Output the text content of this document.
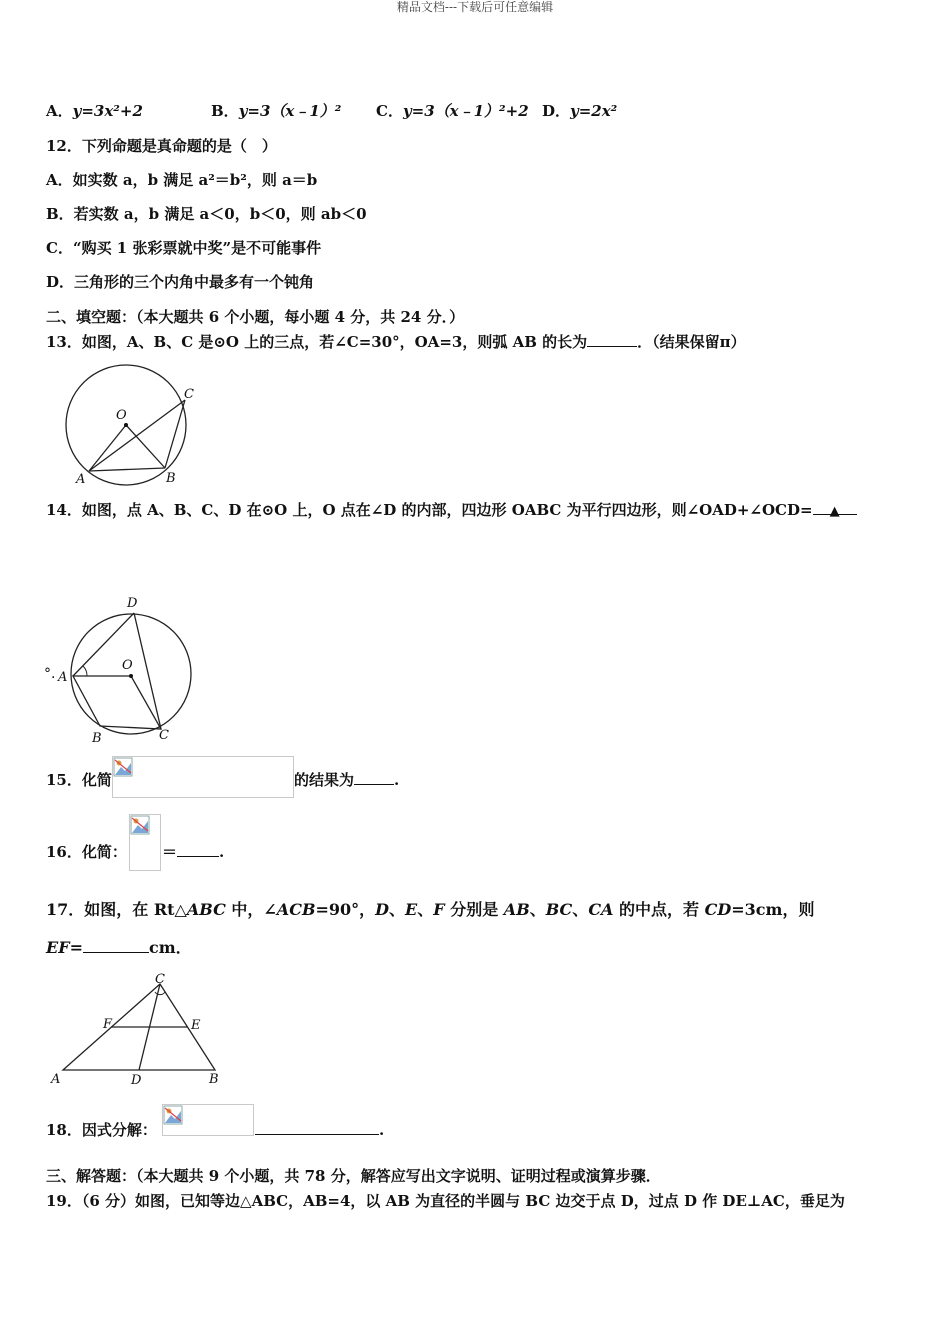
精品文档---下载后可任意编辑
A．y=3x²+2	B．y=3（x﹣1）² C．y=3（x﹣1）²+2 D．y=2x²
12．下列命题是真命题的是（　）
A．如实数 a，b 满足 a²＝b²，则 a＝b
B．若实数 a，b 满足 a＜0，b＜0，则 ab＜0
C．“购买 1 张彩票就中奖”是不可能事件
D．三角形的三个内角中最多有一个钝角
二、填空题：（本大题共 6 个小题，每小题 4 分，共 24 分．）
13．如图，A、B、C 是⊙O 上的三点，若∠C=30°，OA=3，则弧 AB 的长为	．（结果保留π）
O
A	B
C
14．如图，点 A、B、C、D 在⊙O 上，O 点在∠D 的内部，四边形 OABC 为平行四边形，则∠OAD+∠OCD= ▲
°.
D
O
A
B	C
15．化简	的结果为	.
16．化简： ＝	.
17．如图，在 Rt△ABC 中，∠ACB=90°，D、E、F 分别是 AB、BC、CA 的中点，若 CD=3cm，则
EF=	cm．
C
F	E
A	D	B
18．因式分解：	.
三、解答题：（本大题共 9 个小题，共 78 分，解答应写出文字说明、证明过程或演算步骤．
19．（6 分）如图，已知等边△ABC，AB=4，以 AB 为直径的半圆与 BC 边交于点 D，过点 D 作 DE⊥AC，垂足为
